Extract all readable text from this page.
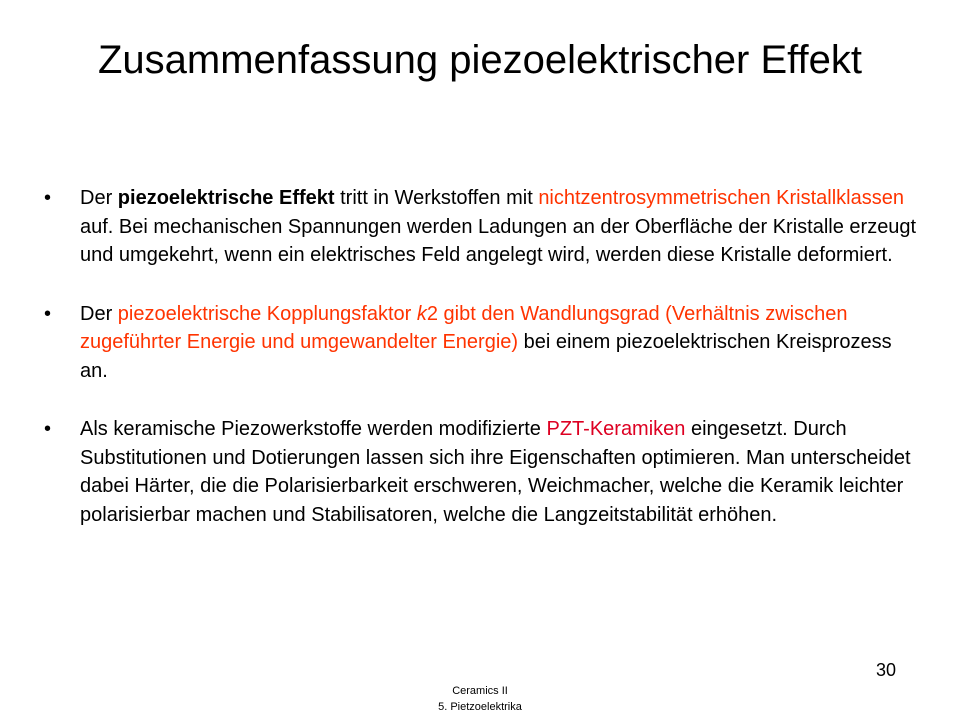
Zusammenfassung piezoelektrischer Effekt
• Der piezoelektrische Effekt tritt in Werkstoffen mit nichtzentrosymmetrischen Kristallklassen auf. Bei mechanischen Spannungen werden Ladungen an der Oberfläche der Kristalle erzeugt und umgekehrt, wenn ein elektrisches Feld angelegt wird, werden diese Kristalle deformiert.
• Der piezoelektrische Kopplungsfaktor k2 gibt den Wandlungsgrad (Verhältnis zwischen zugeführter Energie und umgewandelter Energie) bei einem piezoelektrischen Kreisprozess an.
• Als keramische Piezowerkstoffe werden modifizierte PZT-Keramiken eingesetzt. Durch Substitutionen und Dotierungen lassen sich ihre Eigenschaften optimieren. Man unterscheidet dabei Härter, die die Polarisierbarkeit erschweren, Weichmacher, welche die Keramik leichter polarisierbar machen und Stabilisatoren, welche die Langzeitstabilität erhöhen.
30
Ceramics II
5. Pietzoelektrika
